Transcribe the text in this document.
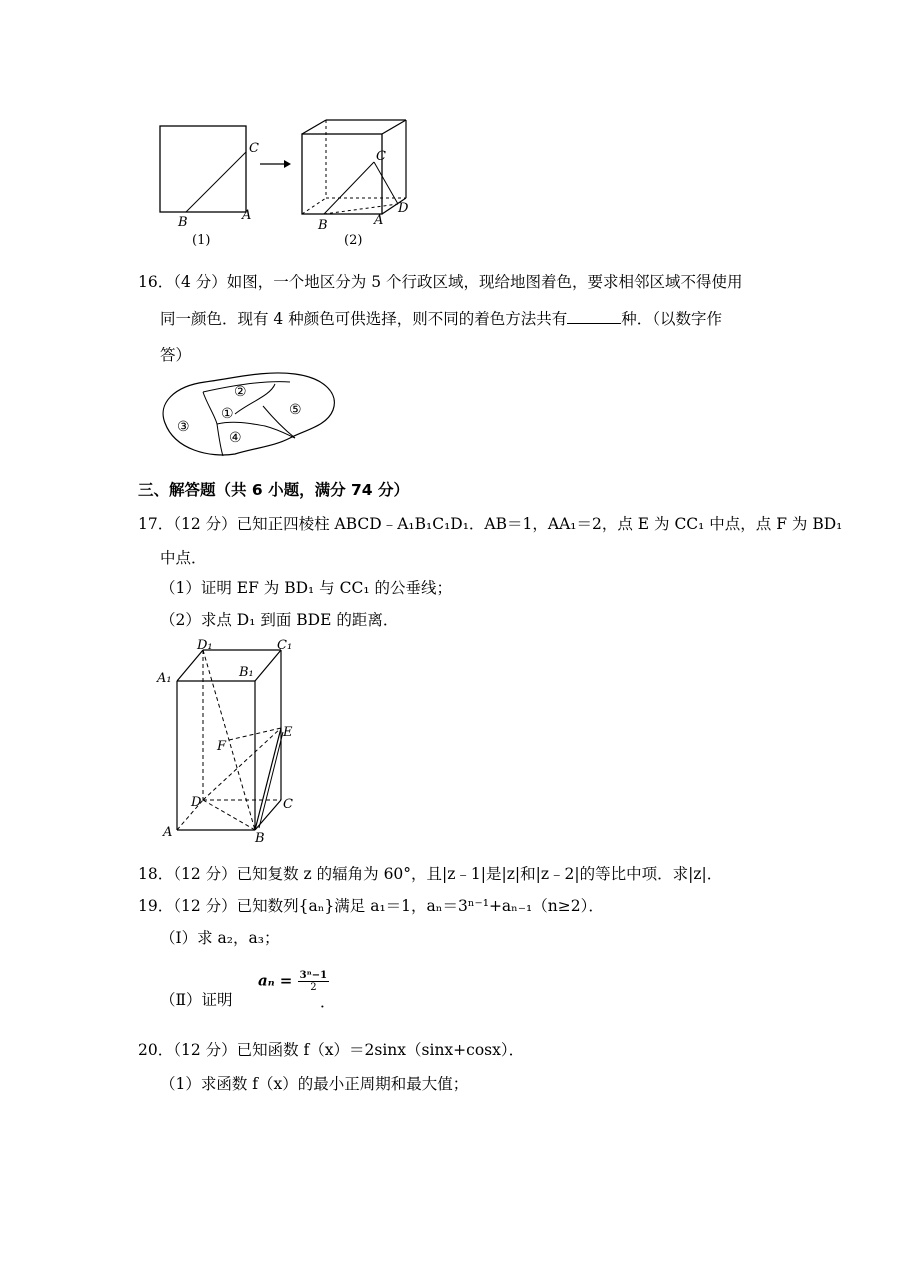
C
B	A
(1)
C
B	A
D
(2)
16．（4 分）如图，一个地区分为 5 个行政区域，现给地图着色，要求相邻区域不得使用
同一颜色．现有 4 种颜色可供选择，则不同的着色方法共有	种．（以数字作
答）
②
①	⑤
③
④
三、解答题（共 6 小题，满分 74 分）
17．（12 分）已知正四棱柱 ABCD﹣A₁B₁C₁D₁．AB＝1，AA₁＝2，点 E 为 CC₁ 中点，点 F 为 BD₁
中点．
（1）证明 EF 为 BD₁ 与 CC₁ 的公垂线；
（2）求点 D₁ 到面 BDE 的距离．
D₁	C₁
A₁	B₁
E
F
D	C
A	B
18．（12 分）已知复数 z 的辐角为 60°，且|z﹣1|是|z|和|z﹣2|的等比中项．求|z|．
19．（12 分）已知数列{aₙ}满足 a₁＝1，aₙ＝3ⁿ⁻¹+aₙ₋₁（n≥2）．
（Ⅰ）求 a₂，a₃；
（Ⅱ）证明
$a_n = \frac{\text{3ⁿ−1}}{2}$
．
20．（12 分）已知函数 f（x）＝2sinx（sinx+cosx）．
（1）求函数 f（x）的最小正周期和最大值；
